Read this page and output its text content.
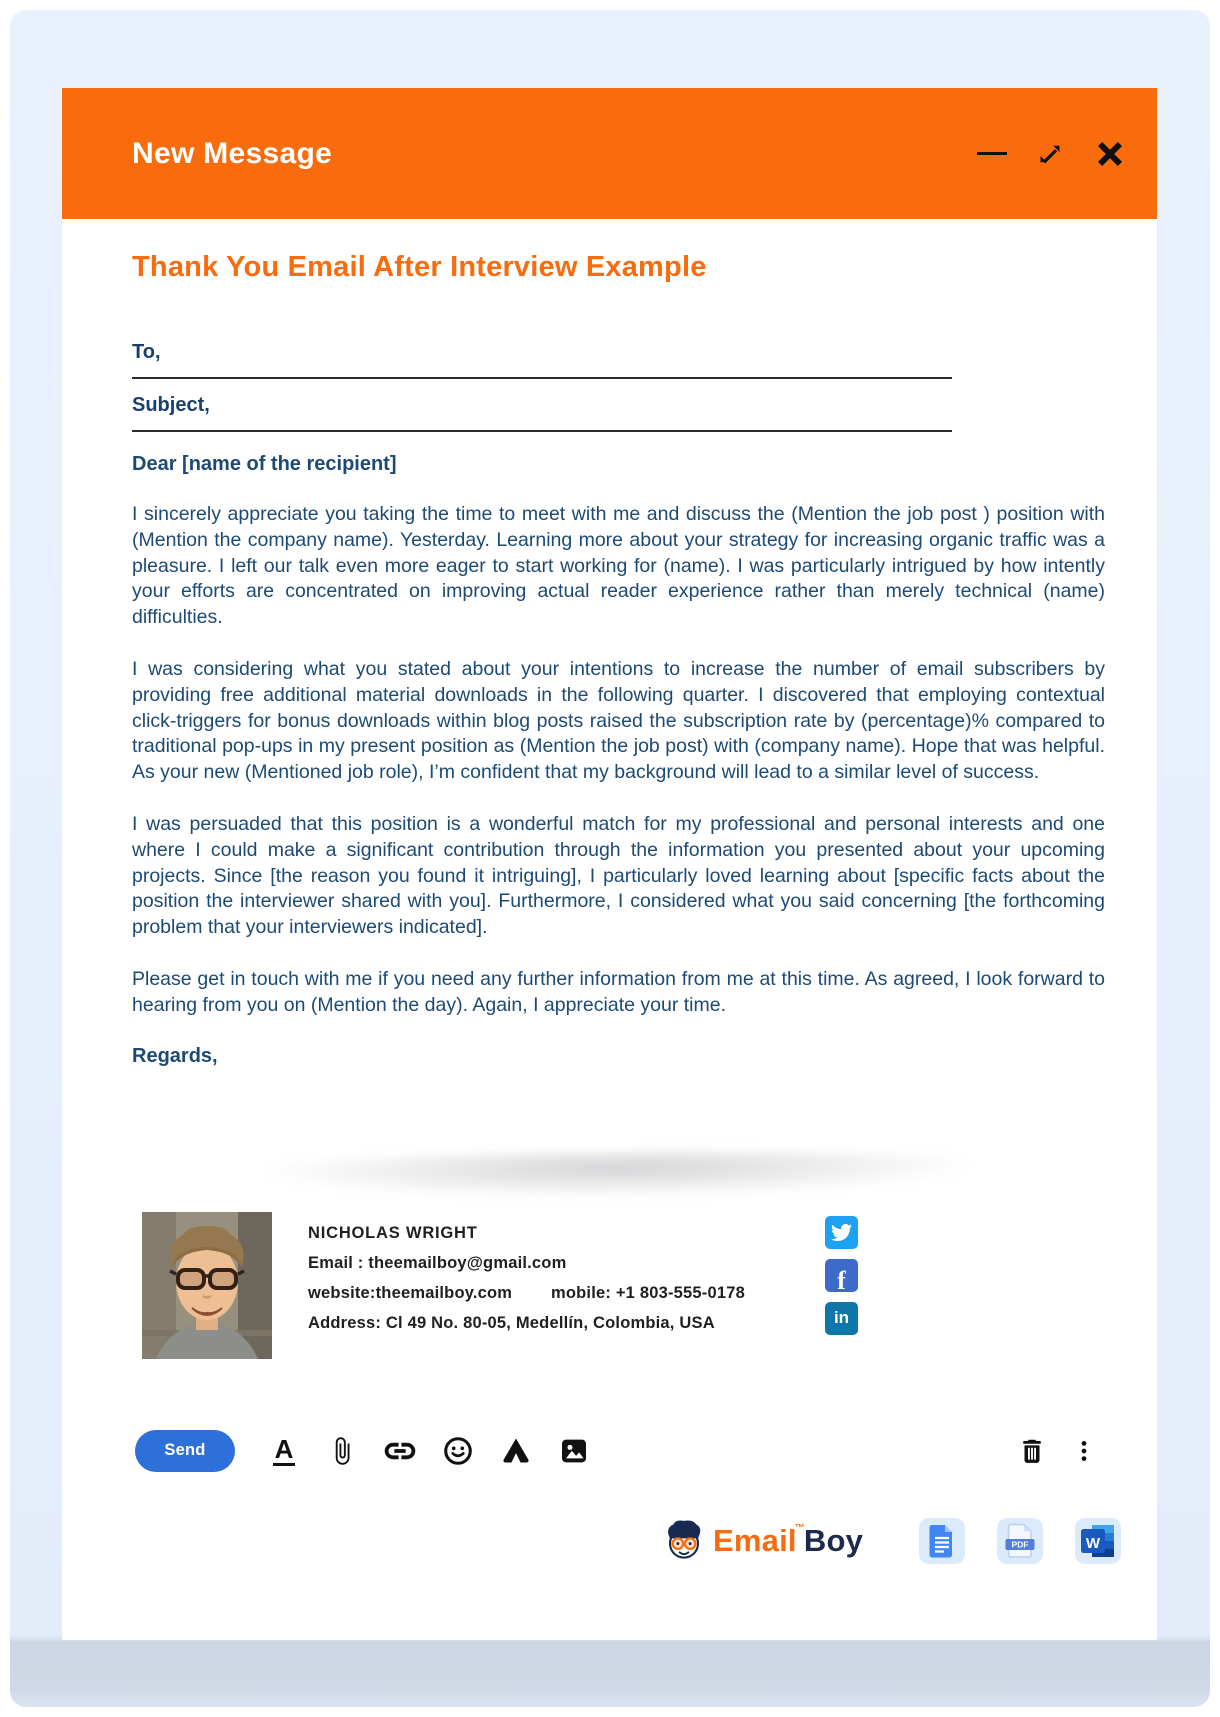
New Message
Thank You Email After Interview Example
To,
Subject,
Dear [name of the recipient]

I sincerely appreciate you taking the time to meet with me and discuss the (Mention the job post ) position with (Mention the company name). Yesterday. Learning more about your strategy for increasing organic traffic was a pleasure. I left our talk even more eager to start working for (name). I was particularly intrigued by how intently your efforts are concentrated on improving actual reader experience rather than merely technical (name) difficulties.

I was considering what you stated about your intentions to increase the number of email subscribers by providing free additional material downloads in the following quarter. I discovered that employing contextual click-triggers for bonus downloads within blog posts raised the subscription rate by (percentage)% compared to traditional pop-ups in my present position as (Mention the job post) with (company name). Hope that was helpful. As your new (Mentioned job role), I’m confident that my background will lead to a similar level of success.

I was persuaded that this position is a wonderful match for my professional and personal interests and one where I could make a significant contribution through the information you presented about your upcoming projects. Since [the reason you found it intriguing], I particularly loved learning about [specific facts about the position the interviewer shared with you]. Furthermore, I considered what you said concerning [the forthcoming problem that your interviewers indicated].

Please get in touch with me if you need any further information from me at this time. As agreed, I look forward to hearing from you on (Mention the day). Again, I appreciate your time.

Regards,
NICHOLAS WRIGHT
Email : theemailboy@gmail.com
website:theemailboy.com mobile: +1 803-555-0178
Address: Cl 49 No. 80-05, Medellín, Colombia, USA
f
in
Send	A
Email™Boy	PDF	W
